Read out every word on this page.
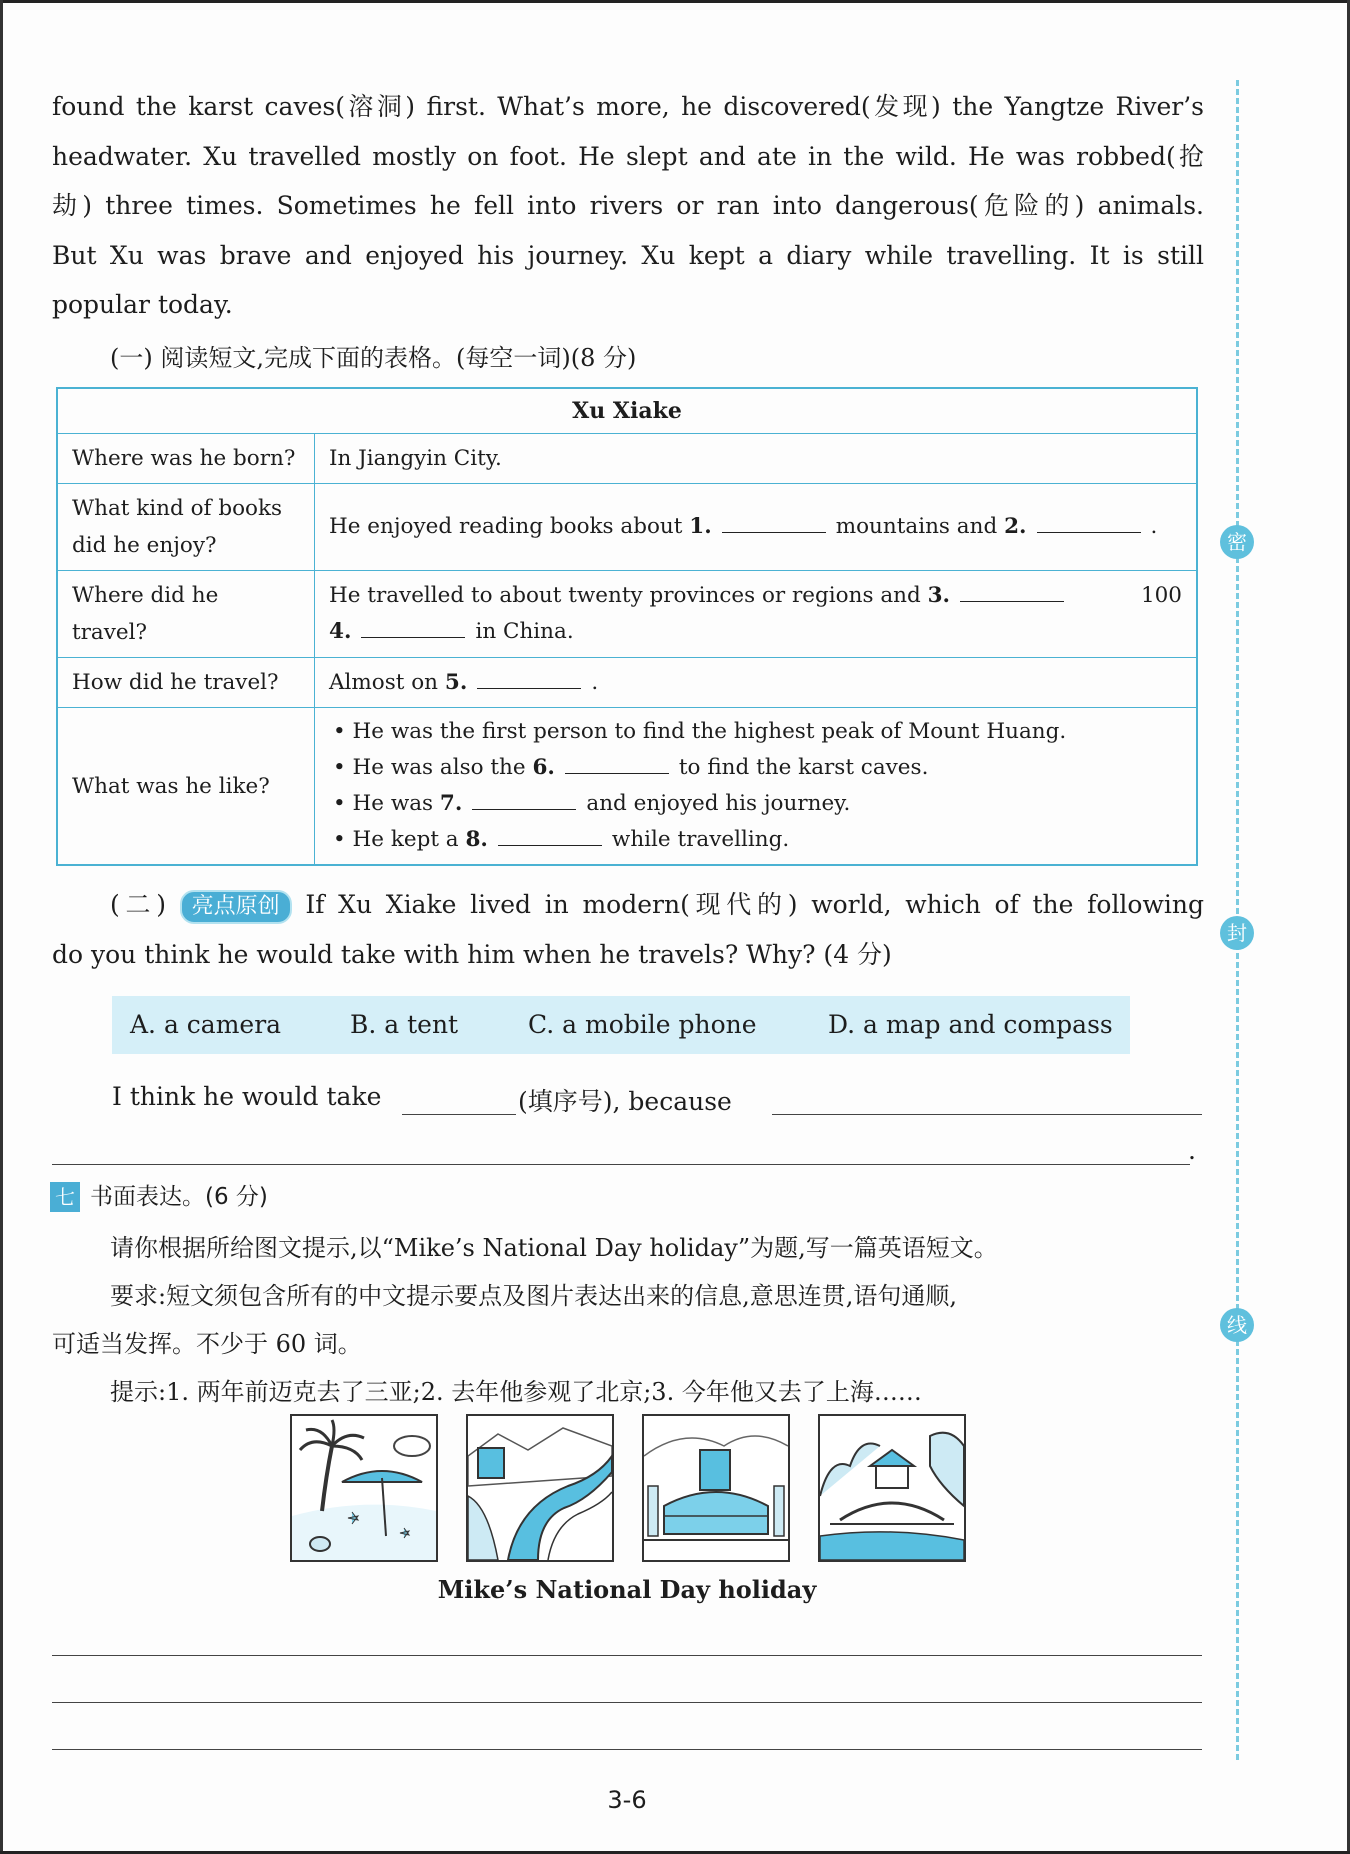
密
封
线
found the karst caves(溶洞) first. What’s more, he discovered(发现) the Yangtze River’s
headwater. Xu travelled mostly on foot. He slept and ate in the wild. He was robbed(抢
劫) three times. Sometimes he fell into rivers or ran into dangerous(危险的) animals.
But Xu was brave and enjoyed his journey. Xu kept a diary while travelling. It is still
popular today.
(一) 阅读短文,完成下面的表格。(每空一词)(8 分)
Xu Xiake	
Where was he born?	In Jiangyin City.
What kind of books
did he enjoy?	He enjoyed reading books about 1. mountains and 2. .
Where did he travel?	He travelled to about twenty provinces or regions and 3. 100

4. in China.
How did he travel?	Almost on 5. .
What was he like?	• He was the first person to find the highest peak of Mount Huang.
• He was also the 6. to find the karst caves.
• He was 7. and enjoyed his journey.
• He kept a 8. while travelling.
(二) 亮点原创 If Xu Xiake lived in modern(现代的) world, which of the following
do you think he would take with him when he travels? Why? (4 分)
A. a camera	B. a tent	C. a mobile phone	D. a map and compass
I think he would take	(填序号), because
.
七 书面表达。(6 分)
请你根据所给图文提示,以“Mike’s National Day holiday”为题,写一篇英语短文。
要求:短文须包含所有的中文提示要点及图片表达出来的信息,意思连贯,语句通顺,
可适当发挥。不少于 60 词。
提示:1. 两年前迈克去了三亚;2. 去年他参观了北京;3. 今年他又去了上海……
Mike’s National Day holiday
3-6
